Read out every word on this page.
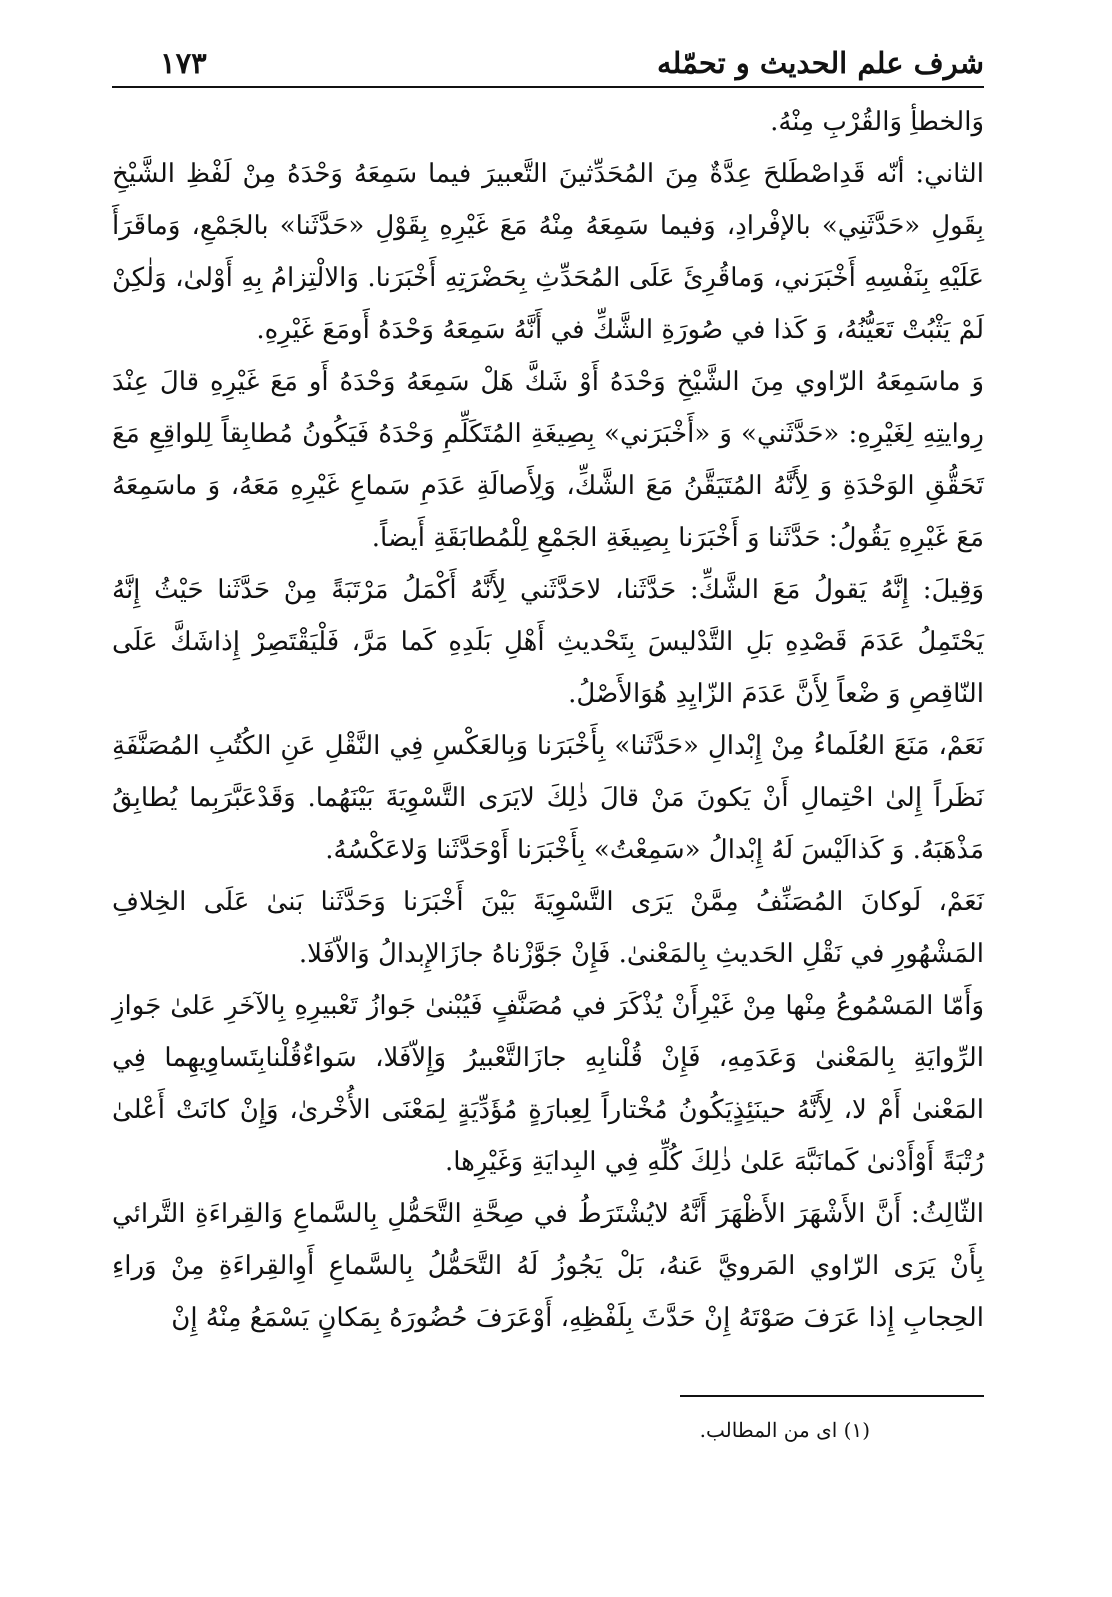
شرف علم الحديث و تحمّله
١٧٣

وَالخطأِ وَالقُرْبِ مِنْهُ.

الثاني: أنّه قَدِاصْطَلحَ عِدَّةٌ مِنَ المُحَدِّثينَ التَّعبيرَ فيما سَمِعَهُ وَحْدَهُ مِنْ لَفْظِ الشَّيْخِ بِقَولِ «حَدَّثَنِي» بالإفْرادِ، وَفيما سَمِعَهُ مِنْهُ مَعَ غَيْرِهِ بِقَوْلِ «حَدَّثَنا» بالجَمْعِ، وَماقَرَأَ عَلَيْهِ بِنَفْسِهِ أَخْبَرَني، وَماقُرِئَ عَلَى المُحَدِّثِ بِحَضْرَتِهِ أَخْبَرَنا. وَالالْتِزامُ بِهِ أَوْلىٰ، وَلٰكِنْ لَمْ يَثْبُتْ تَعَيُّنُهُ، وَ كَذا في صُورَةِ الشَّكِّ في أَنَّهُ سَمِعَهُ وَحْدَهُ أَومَعَ غَيْرِهِ.

وَ ماسَمِعَهُ الرّاوي مِنَ الشَّيْخِ وَحْدَهُ أَوْ شَكَّ هَلْ سَمِعَهُ وَحْدَهُ أَو مَعَ غَيْرِهِ قالَ عِنْدَ رِوايتِهِ لِغَيْرِهِ: «حَدَّثَني» وَ «أَخْبَرَني» بِصِيغَةِ المُتَكَلِّمِ وَحْدَهُ فَيَكُونُ مُطابِقاً لِلواقِعِ مَعَ تَحَقُّقِ الوَحْدَةِ وَ لِأَنَّهُ المُتَيَقَّنُ مَعَ الشَّكِّ، وَلِأَصالَةِ عَدَمِ سَماعِ غَيْرِهِ مَعَهُ، وَ ماسَمِعَهُ مَعَ غَيْرِهِ يَقُولُ: حَدَّثَنا وَ أَخْبَرَنا بِصِيغَةِ الجَمْعِ لِلْمُطابَقَةِ أَيضاً.

وَقِيلَ: إِنَّهُ يَقولُ مَعَ الشَّكِّ: حَدَّثَنا، لاحَدَّثَني لِأَنَّهُ أَكْمَلُ مَرْتَبَةً مِنْ حَدَّثَنا حَيْثُ إِنَّهُ يَحْتَمِلُ عَدَمَ قَصْدِهِ بَلِ التَّدْليسَ بِتَحْديثِ أَهْلِ بَلَدِهِ كَما مَرَّ، فَلْيَقْتَصِرْ إِذاشَكَّ عَلَى النّاقِصِ وَ ضْعاً لِأَنَّ عَدَمَ الزّايِدِ هُوَالأَصْلُ.

نَعَمْ، مَنَعَ العُلَماءُ مِنْ إِبْدالِ «حَدَّثَنا» بِأَخْبَرَنا وَبِالعَكْسِ فِي النَّقْلِ عَنِ الكُتُبِ المُصَنَّفَةِ نَظَراً إِلىٰ احْتِمالِ أَنْ يَكونَ مَنْ قالَ ذٰلِكَ لايَرَى التَّسْوِيَةَ بَيْنَهُما. وَقَدْعَبَّرَبِما يُطابِقُ مَذْهَبَهُ. وَ كَذالَيْسَ لَهُ إِبْدالُ «سَمِعْتُ» بِأَخْبَرَنا أَوْحَدَّثَنا وَلاعَكْسُهُ.

نَعَمْ، لَوكانَ المُصَنِّفُ مِمَّنْ يَرَى التَّسْوِيَةَ بَيْنَ أَخْبَرَنا وَحَدَّثَنا بَنىٰ عَلَى الخِلافِ المَشْهُورِ في نَقْلِ الحَديثِ بِالمَعْنىٰ. فَإِنْ جَوَّزْناهُ جازَالإِبدالُ وَالاّفَلا.

وَأَمّا المَسْمُوعُ مِنْها مِنْ غَيْرِأَنْ يُذْكَرَ في مُصَنَّفٍ فَيُبْنىٰ جَوازُ تَعْبيرِهِ بِالآخَرِ عَلىٰ جَوازِ الرِّوايَةِ بِالمَعْنىٰ وَعَدَمِهِ، فَإِنْ قُلْنابِهِ جازَالتَّعْبيرُ وَإِلاّفَلا، سَواءٌقُلْنابِتَساوِيهِما فِي المَعْنىٰ أَمْ لا، لِأَنَّهُ حينَئِذٍيَكُونُ مُخْتاراً لِعِبارَةٍ مُؤَدِّيَةٍ لِمَعْنَى الأُخْرىٰ، وَإِنْ كانَتْ أَعْلىٰ رُتْبَةً أَوْأَدْنىٰ كَمانَبَّهَ عَلىٰ ذٰلِكَ كُلِّهِ فِي البِدايَةِ وَغَيْرِها.

الثّالِثُ: أَنَّ الأَشْهَرَ الأَظْهَرَ أَنَّهُ لايُشْتَرَطُ في صِحَّةِ التَّحَمُّلِ بِالسَّماعِ وَالقِراءَةِ التَّرائي بِأَنْ يَرَى الرّاوي المَرويَّ عَنهُ، بَلْ يَجُوزُ لَهُ التَّحَمُّلُ بِالسَّماعِ أَوِالقِراءَةِ مِنْ وَراءِ الحِجابِ إِذا عَرَفَ صَوْتَهُ إِنْ حَدَّثَ بِلَفْظِهِ، أَوْعَرَفَ حُضُورَهُ بِمَكانٍ يَسْمَعُ مِنْهُ إِنْ

(١) اى من المطالب.
